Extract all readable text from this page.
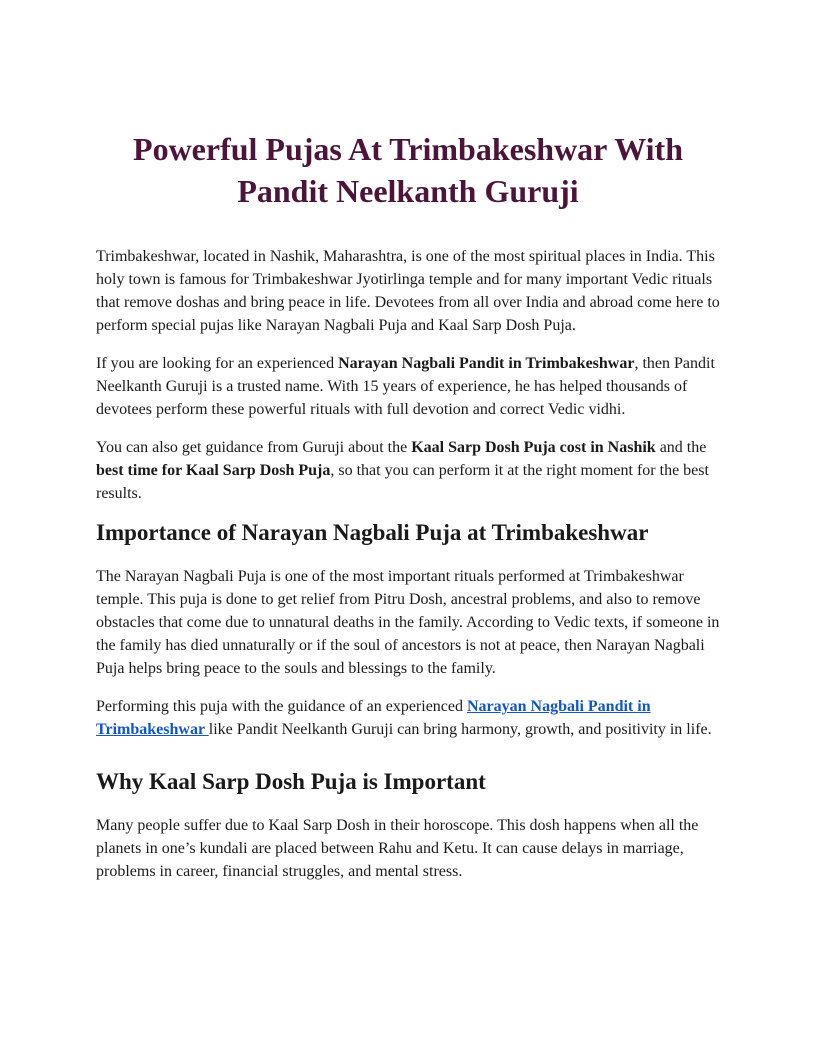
Powerful Pujas At Trimbakeshwar With
Pandit Neelkanth Guruji

Trimbakeshwar, located in Nashik, Maharashtra, is one of the most spiritual places in India. This holy town is famous for Trimbakeshwar Jyotirlinga temple and for many important Vedic rituals that remove doshas and bring peace in life. Devotees from all over India and abroad come here to perform special pujas like Narayan Nagbali Puja and Kaal Sarp Dosh Puja.

If you are looking for an experienced Narayan Nagbali Pandit in Trimbakeshwar, then Pandit Neelkanth Guruji is a trusted name. With 15 years of experience, he has helped thousands of devotees perform these powerful rituals with full devotion and correct Vedic vidhi.

You can also get guidance from Guruji about the Kaal Sarp Dosh Puja cost in Nashik and the best time for Kaal Sarp Dosh Puja, so that you can perform it at the right moment for the best results.

Importance of Narayan Nagbali Puja at Trimbakeshwar

The Narayan Nagbali Puja is one of the most important rituals performed at Trimbakeshwar temple. This puja is done to get relief from Pitru Dosh, ancestral problems, and also to remove obstacles that come due to unnatural deaths in the family. According to Vedic texts, if someone in the family has died unnaturally or if the soul of ancestors is not at peace, then Narayan Nagbali Puja helps bring peace to the souls and blessings to the family.

Performing this puja with the guidance of an experienced Narayan Nagbali Pandit in Trimbakeshwar like Pandit Neelkanth Guruji can bring harmony, growth, and positivity in life.

Why Kaal Sarp Dosh Puja is Important

Many people suffer due to Kaal Sarp Dosh in their horoscope. This dosh happens when all the planets in one’s kundali are placed between Rahu and Ketu. It can cause delays in marriage, problems in career, financial struggles, and mental stress.
